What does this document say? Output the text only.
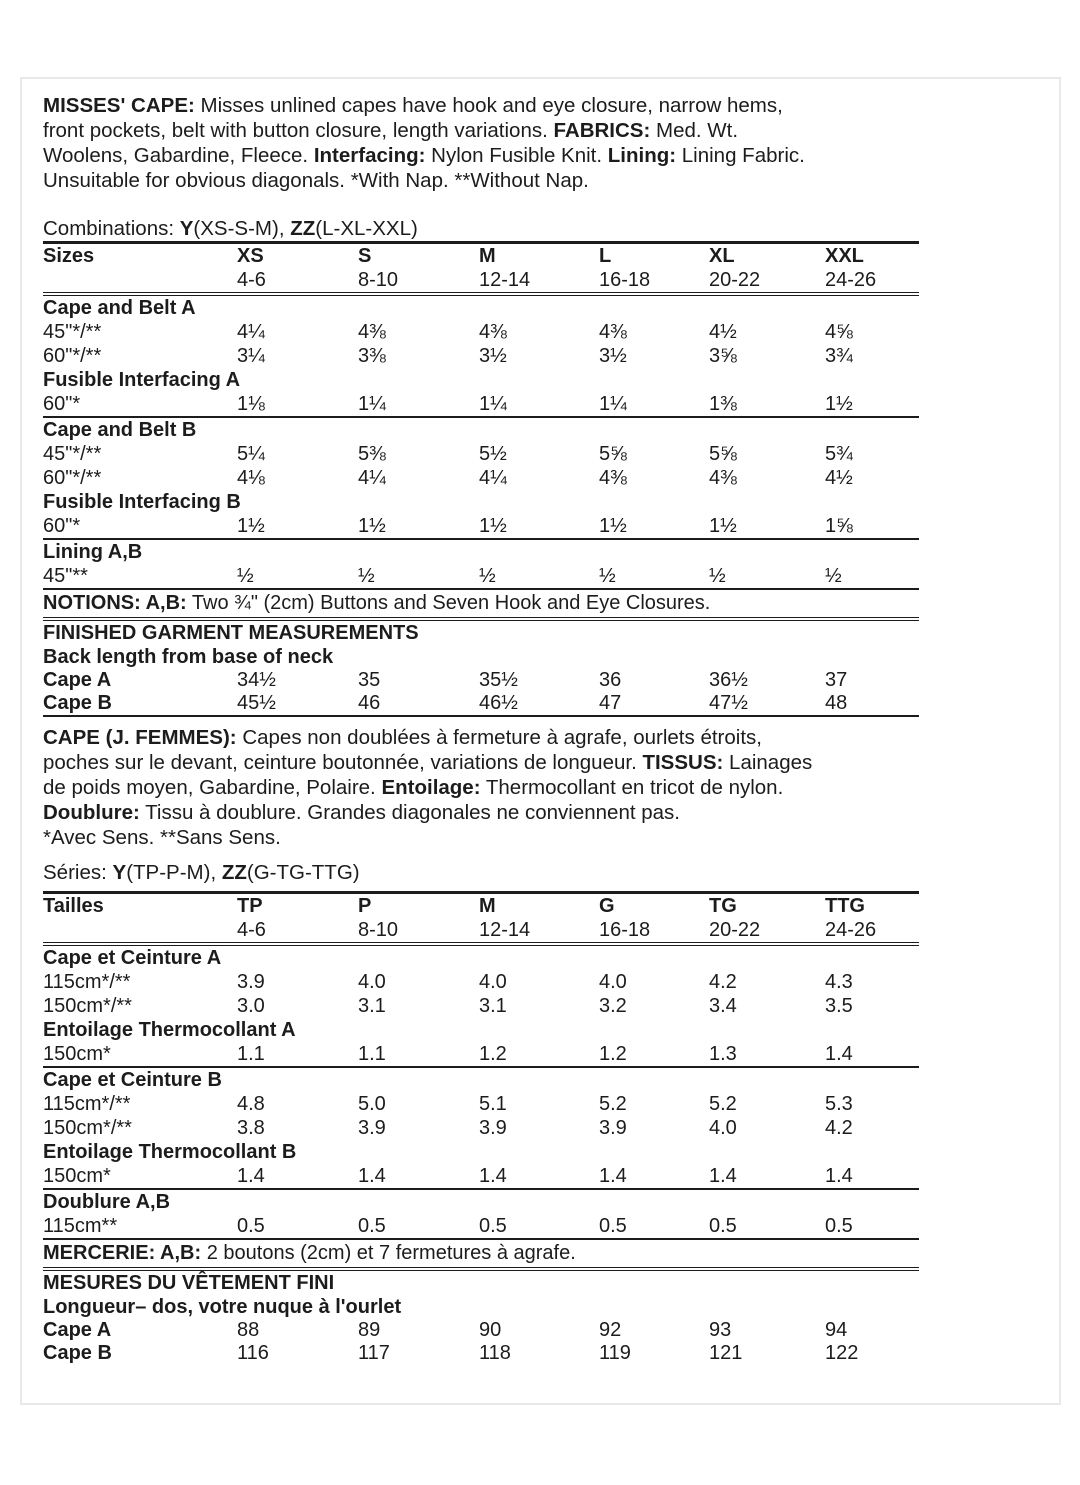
MISSES' CAPE: Misses unlined capes have hook and eye closure, narrow hems,
front pockets, belt with button closure, length variations. FABRICS: Med. Wt.
Woolens, Gabardine, Fleece. Interfacing: Nylon Fusible Knit. Lining: Lining Fabric.
Unsuitable for obvious diagonals. *With Nap. **Without Nap.
Combinations: Y(XS-S-M), ZZ(L-XL-XXL)
Sizes	XS	S	M	L	XL	XXL
4-6	8-10	12-14	16-18	20-22	24-26
Cape and Belt A
45"*/**	4¼	4⅜	4⅜	4⅜	4½	4⅝
60"*/**	3¼	3⅜	3½	3½	3⅝	3¾
Fusible Interfacing A
60"*	1⅛	1¼	1¼	1¼	1⅜	1½
Cape and Belt B
45"*/**	5¼	5⅜	5½	5⅝	5⅝	5¾
60"*/**	4⅛	4¼	4¼	4⅜	4⅜	4½
Fusible Interfacing B
60"*	1½	1½	1½	1½	1½	1⅝
Lining A,B
45"**	½	½	½	½	½	½
NOTIONS: A,B: Two ¾" (2cm) Buttons and Seven Hook and Eye Closures.
FINISHED GARMENT MEASUREMENTS
Back length from base of neck
Cape A	34½	35	35½	36	36½	37
Cape B	45½	46	46½	47	47½	48
CAPE (J. FEMMES): Capes non doublées à fermeture à agrafe, ourlets étroits,
poches sur le devant, ceinture boutonnée, variations de longueur. TISSUS: Lainages
de poids moyen, Gabardine, Polaire. Entoilage: Thermocollant en tricot de nylon.
Doublure: Tissu à doublure. Grandes diagonales ne conviennent pas.
*Avec Sens. **Sans Sens.
Séries: Y(TP-P-M), ZZ(G-TG-TTG)
Tailles	TP	P	M	G	TG	TTG
4-6	8-10	12-14	16-18	20-22	24-26
Cape et Ceinture A
115cm*/**	3.9	4.0	4.0	4.0	4.2	4.3
150cm*/**	3.0	3.1	3.1	3.2	3.4	3.5
Entoilage Thermocollant A
150cm*	1.1	1.1	1.2	1.2	1.3	1.4
Cape et Ceinture B
115cm*/**	4.8	5.0	5.1	5.2	5.2	5.3
150cm*/**	3.8	3.9	3.9	3.9	4.0	4.2
Entoilage Thermocollant B
150cm*	1.4	1.4	1.4	1.4	1.4	1.4
Doublure A,B
115cm**	0.5	0.5	0.5	0.5	0.5	0.5
MERCERIE: A,B: 2 boutons (2cm) et 7 fermetures à agrafe.
MESURES DU VÊTEMENT FINI
Longueur– dos, votre nuque à l'ourlet
Cape A	88	89	90	92	93	94
Cape B	116	117	118	119	121	122
